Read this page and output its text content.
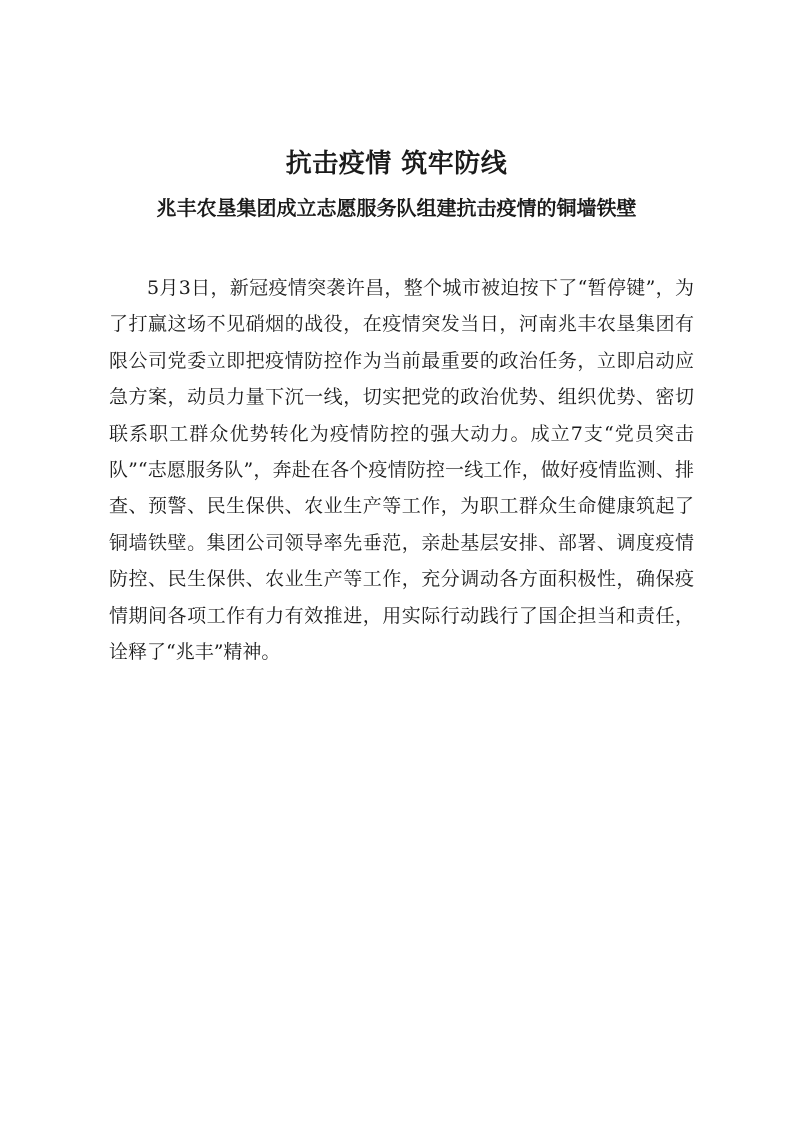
抗击疫情 筑牢防线
兆丰农垦集团成立志愿服务队组建抗击疫情的铜墙铁壁

5月3日，新冠疫情突袭许昌，整个城市被迫按下了“暂停键”，为了打赢这场不见硝烟的战役，在疫情突发当日，河南兆丰农垦集团有限公司党委立即把疫情防控作为当前最重要的政治任务，立即启动应急方案，动员力量下沉一线，切实把党的政治优势、组织优势、密切联系职工群众优势转化为疫情防控的强大动力。成立7支“党员突击队”“志愿服务队”，奔赴在各个疫情防控一线工作，做好疫情监测、排查、预警、民生保供、农业生产等工作，为职工群众生命健康筑起了铜墙铁壁。集团公司领导率先垂范，亲赴基层安排、部署、调度疫情防控、民生保供、农业生产等工作，充分调动各方面积极性，确保疫情期间各项工作有力有效推进，用实际行动践行了国企担当和责任，诠释了“兆丰”精神。
